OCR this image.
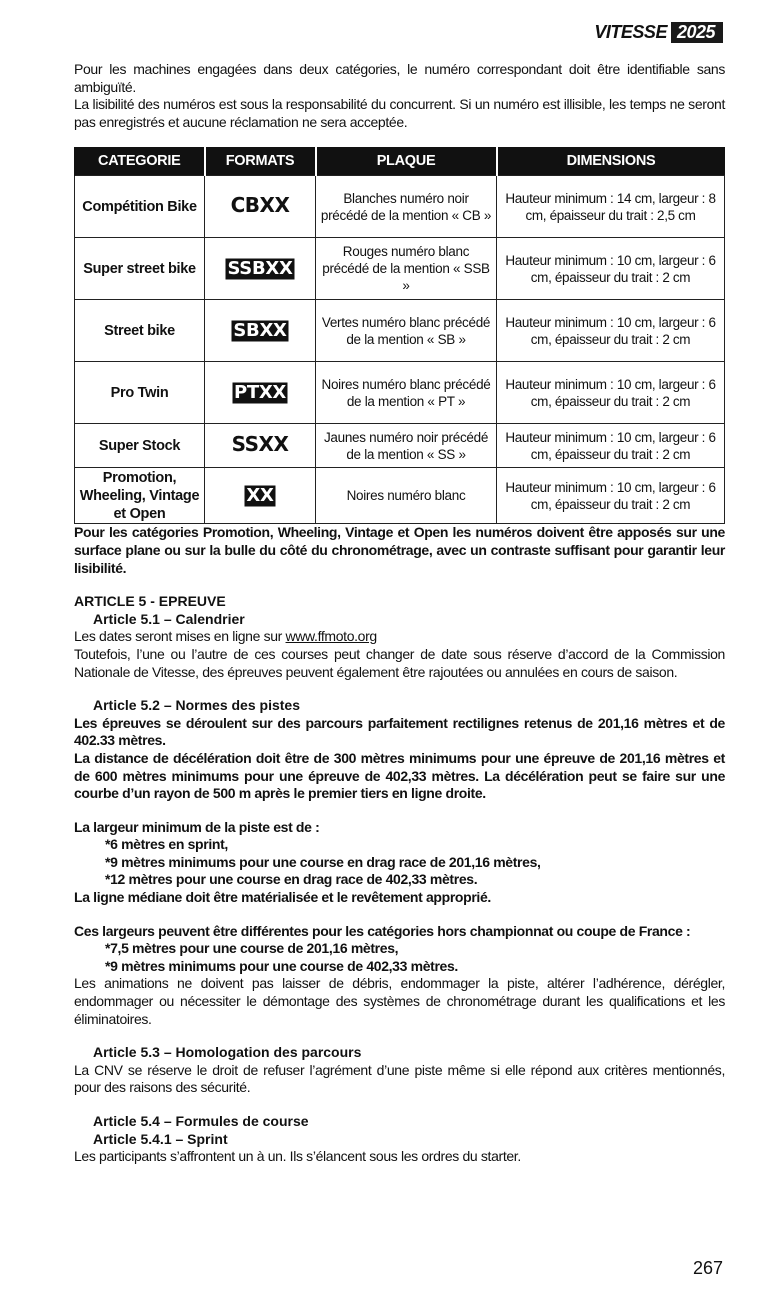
VITESSE 2025

Pour les machines engagées dans deux catégories, le numéro correspondant doit être identifiable sans ambiguïté.

La lisibilité des numéros est sous la responsabilité du concurrent. Si un numéro est illisible, les temps ne seront pas enregistrés et aucune réclamation ne sera acceptée.

CATEGORIE	FORMATS	PLAQUE	DIMENSIONS
Compétition Bike	CBXX	Blanches numéro noir précédé de la mention « CB »	Hauteur minimum : 14 cm, largeur : 8 cm, épaisseur du trait : 2,5 cm
Super street bike	SSBXX	Rouges numéro blanc précédé de la mention « SSB »	Hauteur minimum : 10 cm, largeur : 6 cm, épaisseur du trait : 2 cm
Street bike	SBXX	Vertes numéro blanc précédé de la mention « SB »	Hauteur minimum : 10 cm, largeur : 6 cm, épaisseur du trait : 2 cm
Pro Twin	PTXX	Noires numéro blanc précédé de la mention « PT »	Hauteur minimum : 10 cm, largeur : 6 cm, épaisseur du trait : 2 cm
Super Stock	SSXX	Jaunes numéro noir précédé de la mention « SS »	Hauteur minimum : 10 cm, largeur : 6 cm, épaisseur du trait : 2 cm
Promotion, Wheeling, Vintage et Open	XX	Noires numéro blanc	Hauteur minimum : 10 cm, largeur : 6 cm, épaisseur du trait : 2 cm

Pour les catégories Promotion, Wheeling, Vintage et Open les numéros doivent être apposés sur une surface plane ou sur la bulle du côté du chronométrage, avec un contraste suffisant pour garantir leur lisibilité.

ARTICLE 5 - EPREUVE
Article 5.1 – Calendrier

Les dates seront mises en ligne sur www.ffmoto.org

Toutefois, l’une ou l’autre de ces courses peut changer de date sous réserve d’accord de la Commission Nationale de Vitesse, des épreuves peuvent également être rajoutées ou annulées en cours de saison.

Article 5.2 – Normes des pistes

Les épreuves se déroulent sur des parcours parfaitement rectilignes retenus de 201,16 mètres et de 402.33 mètres.

La distance de décélération doit être de 300 mètres minimums pour une épreuve de 201,16 mètres et de 600 mètres minimums pour une épreuve de 402,33 mètres. La décélération peut se faire sur une courbe d’un rayon de 500 m après le premier tiers en ligne droite.

La largeur minimum de la piste est de :
*6 mètres en sprint,
*9 mètres minimums pour une course en drag race de 201,16 mètres,
*12 mètres pour une course en drag race de 402,33 mètres.
La ligne médiane doit être matérialisée et le revêtement approprié.
Ces largeurs peuvent être différentes pour les catégories hors championnat ou coupe de France :
*7,5 mètres pour une course de 201,16 mètres,
*9 mètres minimums pour une course de 402,33 mètres.

Les animations ne doivent pas laisser de débris, endommager la piste, altérer l’adhérence, dérégler, endommager ou nécessiter le démontage des systèmes de chronométrage durant les qualifications et les éliminatoires.

Article 5.3 – Homologation des parcours

La CNV se réserve le droit de refuser l’agrément d’une piste même si elle répond aux critères mentionnés, pour des raisons des sécurité.

Article 5.4 – Formules de course
Article 5.4.1 – Sprint

Les participants s’affrontent un à un. Ils s’élancent sous les ordres du starter.

267
